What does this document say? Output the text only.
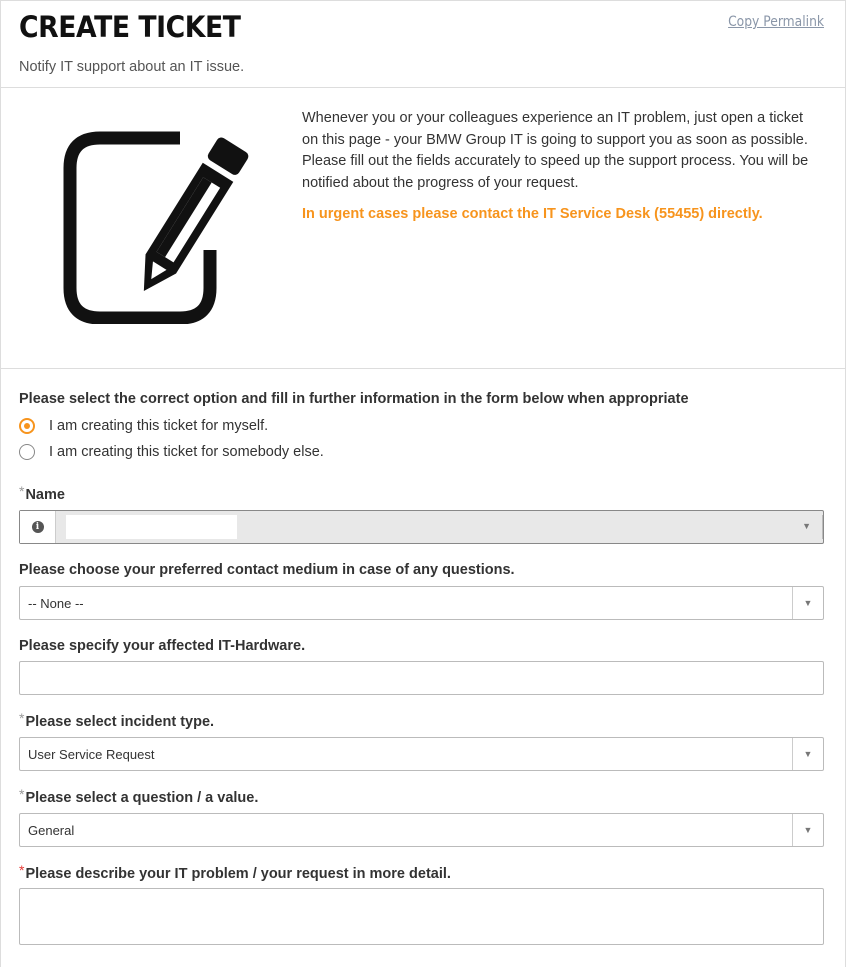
CREATE TICKET
Notify IT support about an IT issue.
Copy Permalink
Whenever you or your colleagues experience an IT problem, just open a ticket on this page - your BMW Group IT is going to support you as soon as possible. Please fill out the fields accurately to speed up the support process. You will be notified about the progress of your request.
In urgent cases please contact the IT Service Desk (55455) directly.
Please select the correct option and fill in further information in the form below when appropriate
I am creating this ticket for myself.
I am creating this ticket for somebody else.
*Name
i	▼
Please choose your preferred contact medium in case of any questions.
-- None --	▼
Please specify your affected IT-Hardware.
*Please select incident type.
User Service Request	▼
*Please select a question / a value.
General	▼
*Please describe your IT problem / your request in more detail.
